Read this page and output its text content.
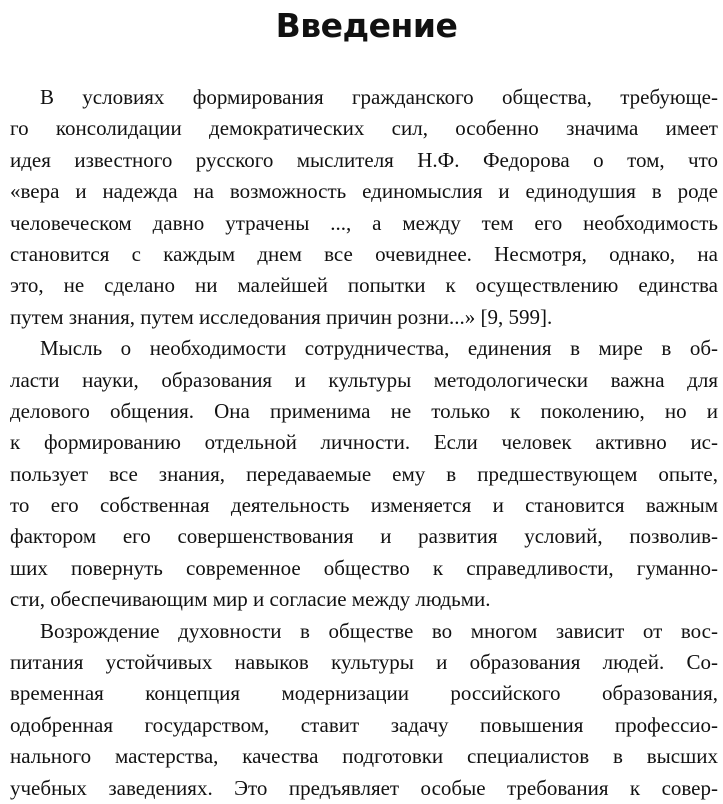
Введение
В условиях формирования гражданского общества, требующе-
го консолидации демократических сил, особенно значима имеет
идея известного русского мыслителя Н.Ф. Федорова о том, что
«вера и надежда на возможность единомыслия и единодушия в роде
человеческом давно утрачены ..., а между тем его необходимость
становится с каждым днем все очевиднее. Несмотря, однако, на
это, не сделано ни малейшей попытки к осуществлению единства
путем знания, путем исследования причин розни...» [9, 599].
Мысль о необходимости сотрудничества, единения в мире в об-
ласти науки, образования и культуры методологически важна для
делового общения. Она применима не только к поколению, но и
к формированию отдельной личности. Если человек активно ис-
пользует все знания, передаваемые ему в предшествующем опыте,
то его собственная деятельность изменяется и становится важным
фактором его совершенствования и развития условий, позволив-
ших повернуть современное общество к справедливости, гуманно-
сти, обеспечивающим мир и согласие между людьми.
Возрождение духовности в обществе во многом зависит от вос-
питания устойчивых навыков культуры и образования людей. Со-
временная концепция модернизации российского образования,
одобренная государством, ставит задачу повышения профессио-
нального мастерства, качества подготовки специалистов в высших
учебных заведениях. Это предъявляет особые требования к совер-
